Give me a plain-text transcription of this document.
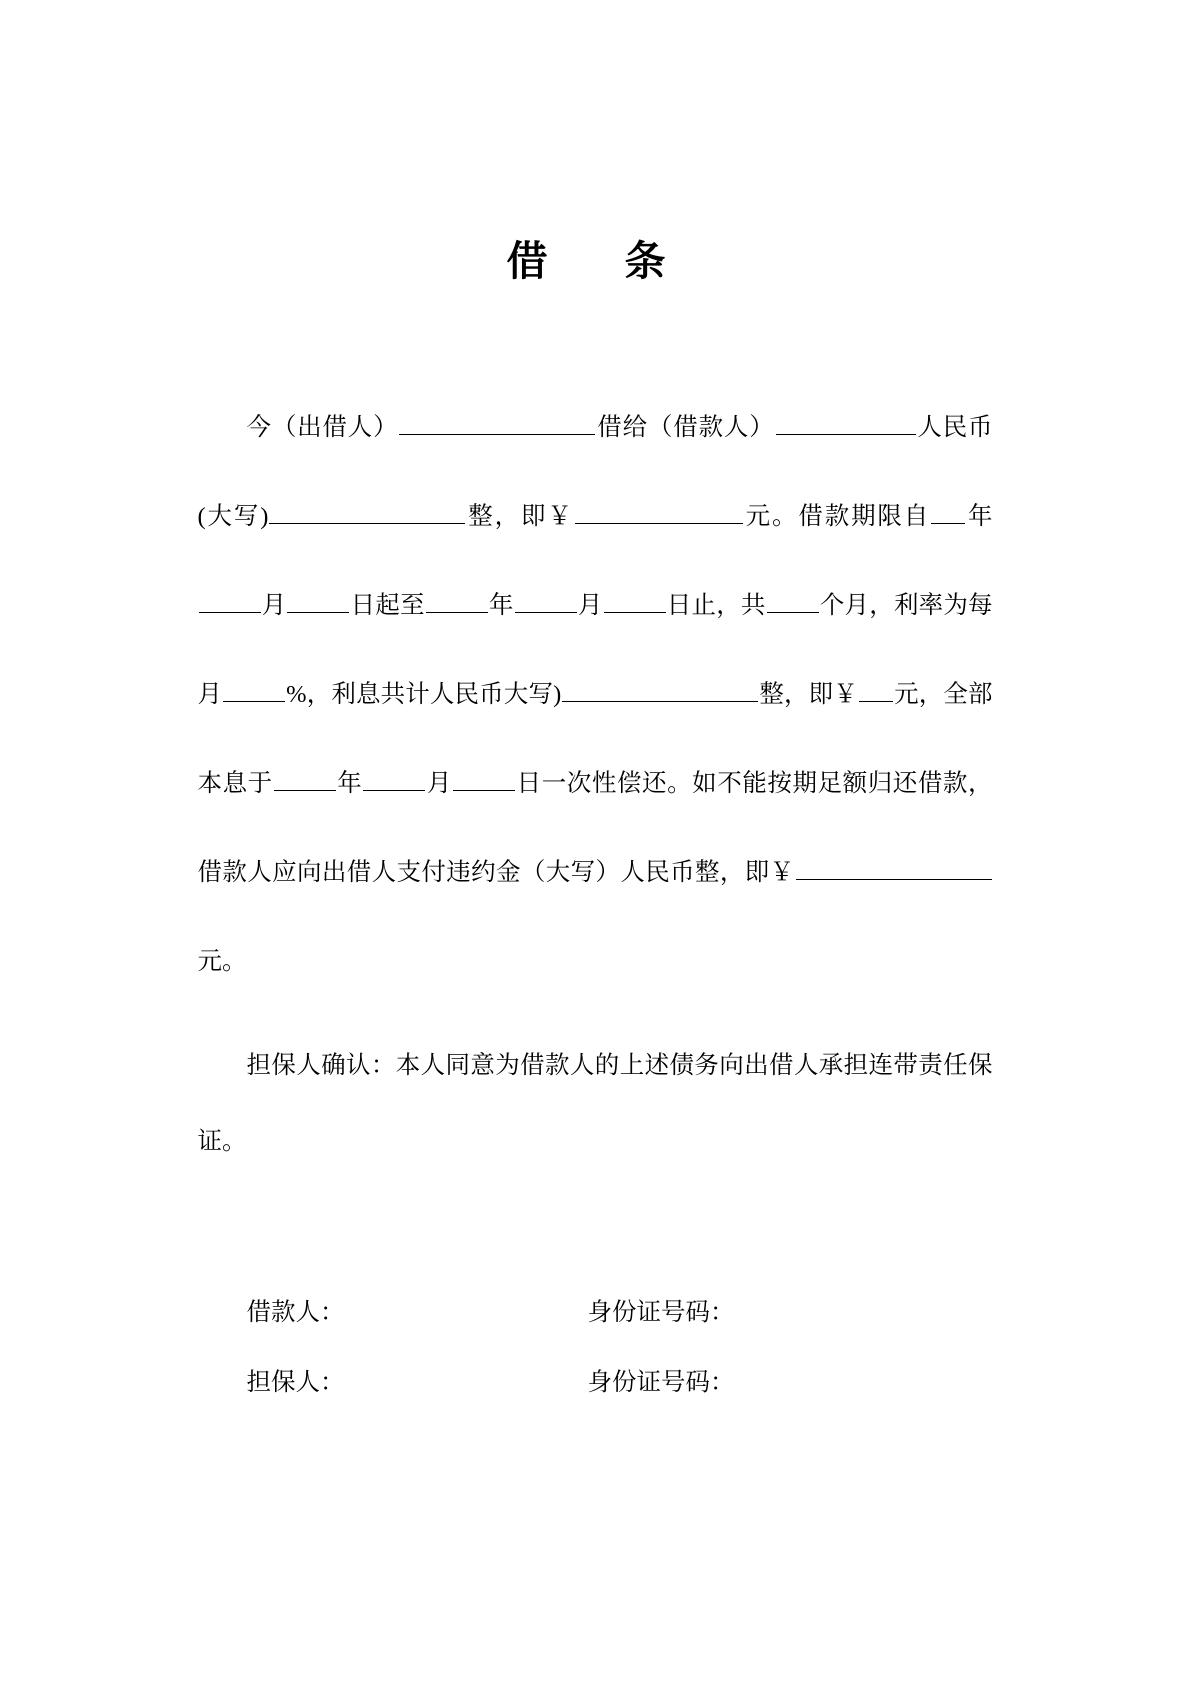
借　条

今（出借人）	借给（借款人）	人民币(大写)	整，即￥	元。借款期限自 年月	日起至	年	月	日止，共 个月，利率为每月	%，利息共计人民币大写)	整，即￥ 元，全部本息于	年	月	日一次性偿还。如不能按期足额归还借款，借款人应向出借人支付违约金（大写）人民币整，即￥元。

担保人确认：本人同意为借款人的上述债务向出借人承担连带责任保证。

借款人：	身份证号码：
担保人：	身份证号码：
